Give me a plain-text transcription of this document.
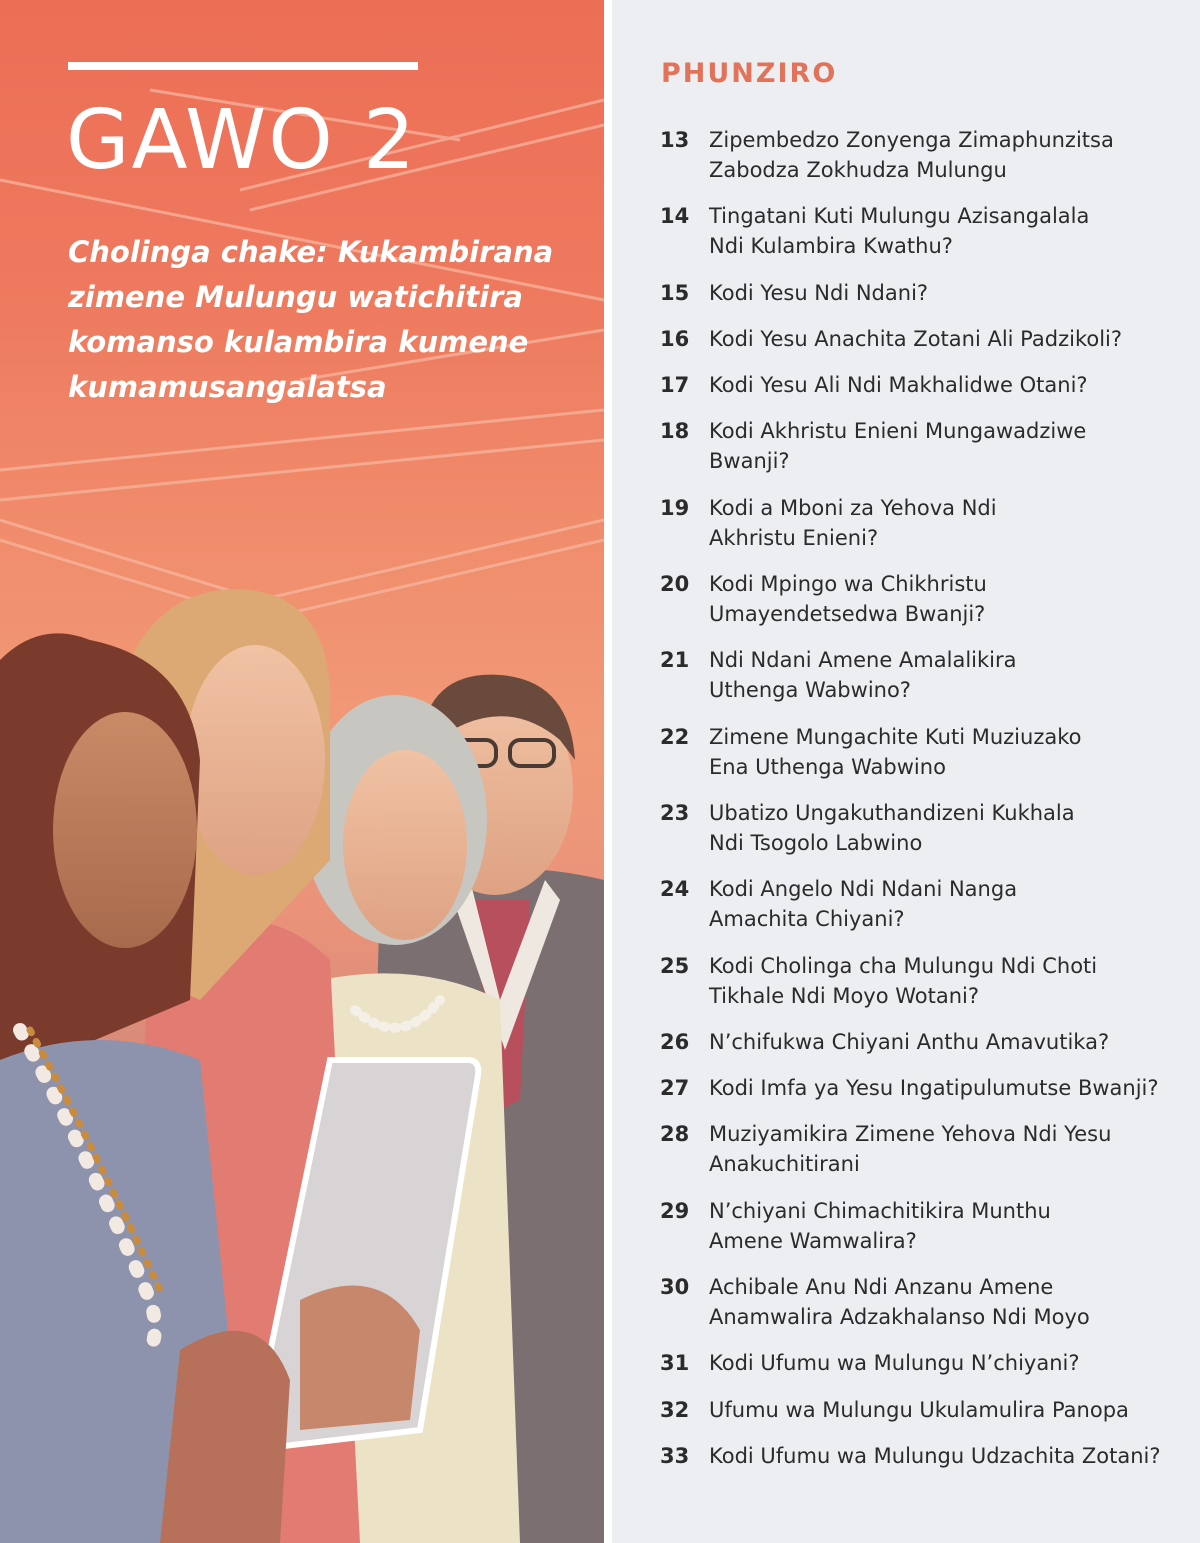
GAWO 2

Cholinga chake: Kukambirana zimene Mulungu watichitira komanso kulambira kumene kumamusangalatsa

PHUNZIRO
13 Zipembedzo Zonyenga Zimaphunzitsa
Zabodza Zokhudza Mulungu
14 Tingatani Kuti Mulungu Azisangalala
Ndi Kulambira Kwathu?
15 Kodi Yesu Ndi Ndani?
16 Kodi Yesu Anachita Zotani Ali Padzikoli?
17 Kodi Yesu Ali Ndi Makhalidwe Otani?
18 Kodi Akhristu Enieni Mungawadziwe
Bwanji?
19 Kodi a Mboni za Yehova Ndi
Akhristu Enieni?
20 Kodi Mpingo wa Chikhristu
Umayendetsedwa Bwanji?
21 Ndi Ndani Amene Amalalikira
Uthenga Wabwino?
22 Zimene Mungachite Kuti Muziuzako
Ena Uthenga Wabwino
23 Ubatizo Ungakuthandizeni Kukhala
Ndi Tsogolo Labwino
24 Kodi Angelo Ndi Ndani Nanga
Amachita Chiyani?
25 Kodi Cholinga cha Mulungu Ndi Choti
Tikhale Ndi Moyo Wotani?
26 N’chifukwa Chiyani Anthu Amavutika?
27 Kodi Imfa ya Yesu Ingatipulumutse Bwanji?
28 Muziyamikira Zimene Yehova Ndi Yesu
Anakuchitirani
29 N’chiyani Chimachitikira Munthu
Amene Wamwalira?
30 Achibale Anu Ndi Anzanu Amene
Anamwalira Adzakhalanso Ndi Moyo
31 Kodi Ufumu wa Mulungu N’chiyani?
32 Ufumu wa Mulungu Ukulamulira Panopa
33 Kodi Ufumu wa Mulungu Udzachita Zotani?
